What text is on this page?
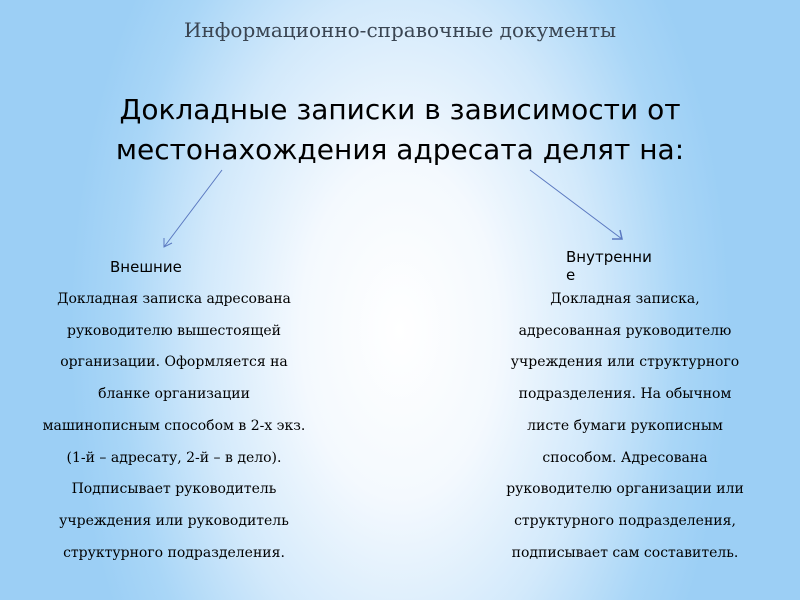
Информационно-справочные документы
Докладные записки в зависимости от
местонахождения адресата делят на:
Внешние
Внутренни
е
Докладная записка адресована
руководителю вышестоящей
организации. Оформляется на
бланке организации
машинописным способом в 2-х экз.
(1-й – адресату, 2-й – в дело).
Подписывает руководитель
учреждения или руководитель
структурного подразделения.
Докладная записка,
адресованная руководителю
учреждения или структурного
подразделения. На обычном
листе бумаги рукописным
способом. Адресована
руководителю организации или
структурного подразделения,
подписывает сам составитель.
